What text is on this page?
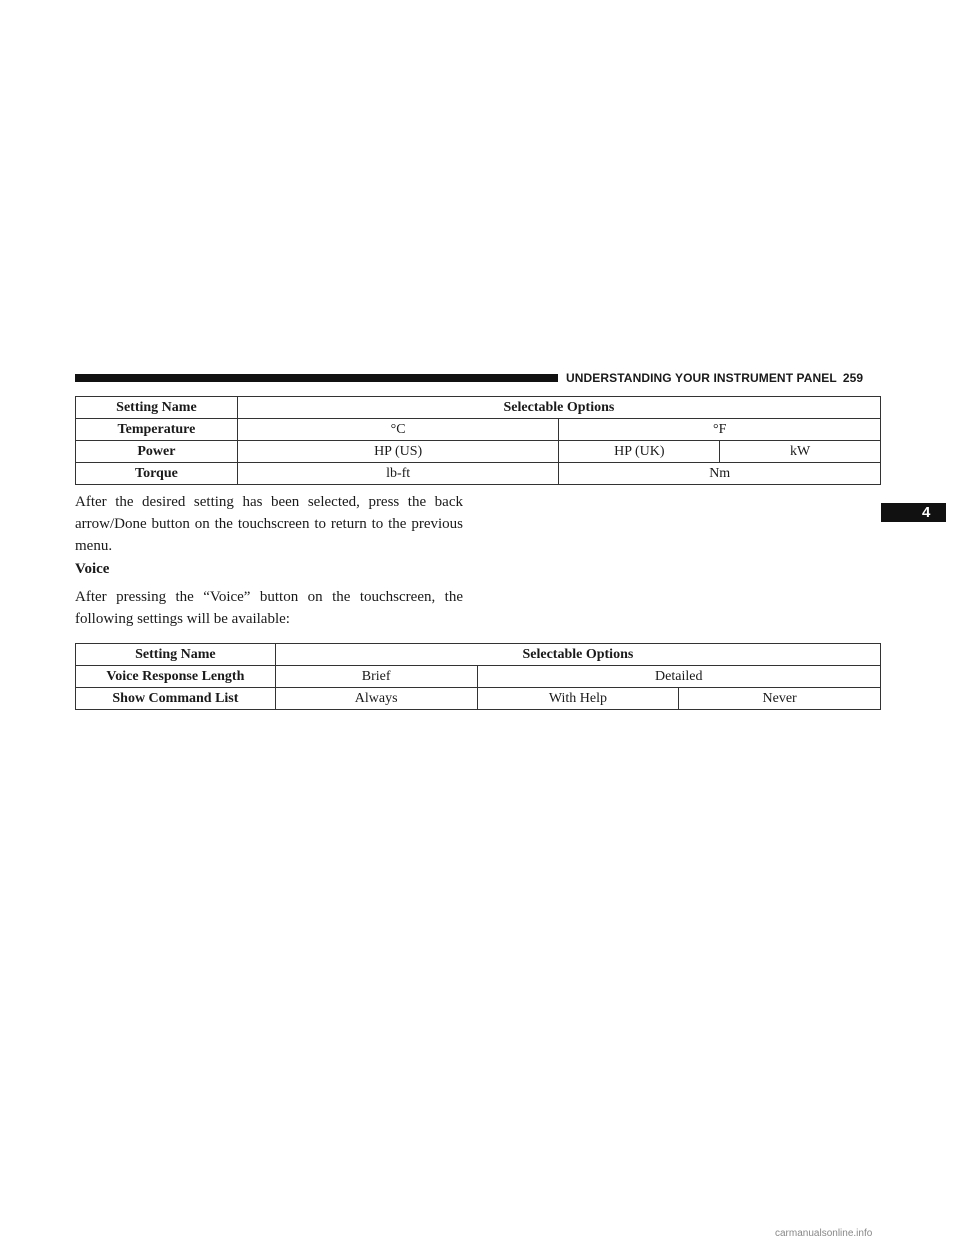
UNDERSTANDING YOUR INSTRUMENT PANEL 259
4
Setting Name	Selectable Options		
Temperature	°C	°F	
Power	HP (US)	HP (UK)	kW
Torque	lb-ft	Nm	
After the desired setting has been selected, press the back arrow/Done button on the touchscreen to return to the previous menu.
Voice
After pressing the “Voice” button on the touchscreen, the following settings will be available:
Setting Name	Selectable Options		
Voice Response Length	Brief	Detailed	
Show Command List	Always	With Help	Never
carmanualsonline.info
